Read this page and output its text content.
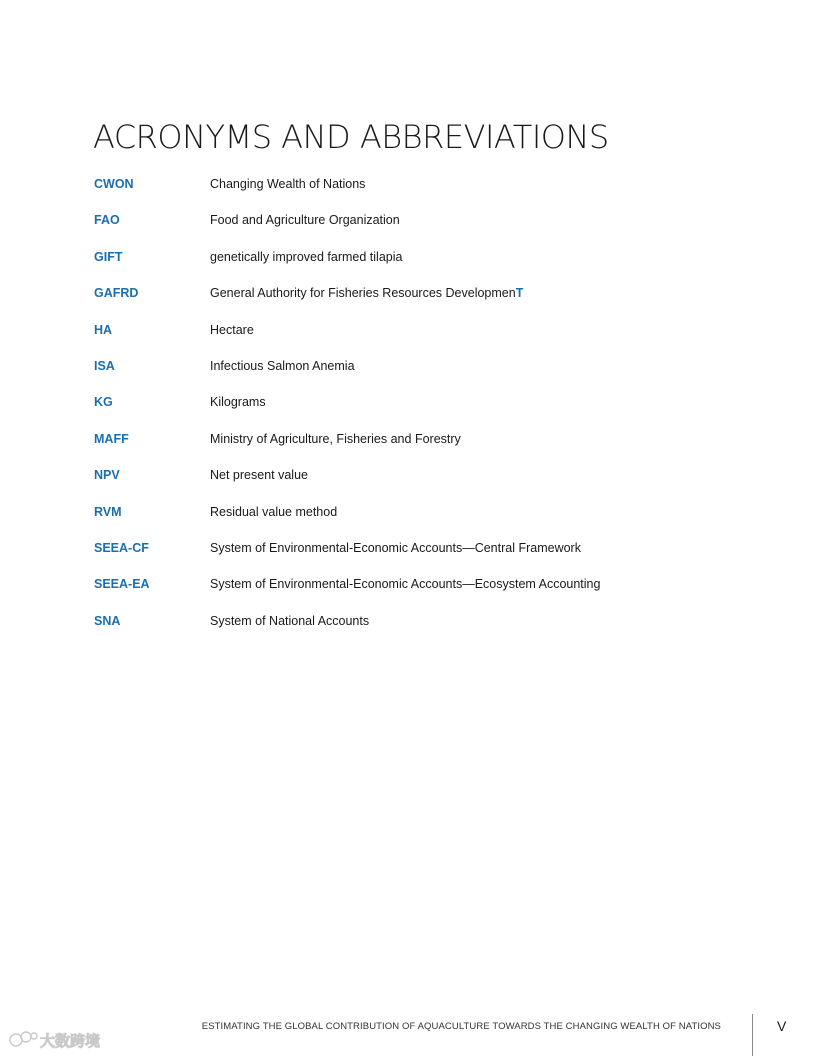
ACRONYMS AND ABBREVIATIONS
CWON	Changing Wealth of Nations
FAO	Food and Agriculture Organization
GIFT	genetically improved farmed tilapia
GAFRD	General Authority for Fisheries Resources DevelopmenT
HA	Hectare
ISA	Infectious Salmon Anemia
KG	Kilograms
MAFF	Ministry of Agriculture, Fisheries and Forestry
NPV	Net present value
RVM	Residual value method
SEEA-CF	System of Environmental-Economic Accounts—Central Framework
SEEA-EA	System of Environmental-Economic Accounts—Ecosystem Accounting
SNA	System of National Accounts
ESTIMATING THE GLOBAL CONTRIBUTION OF AQUACULTURE TOWARDS THE CHANGING WEALTH OF NATIONS	V
大数跨境
